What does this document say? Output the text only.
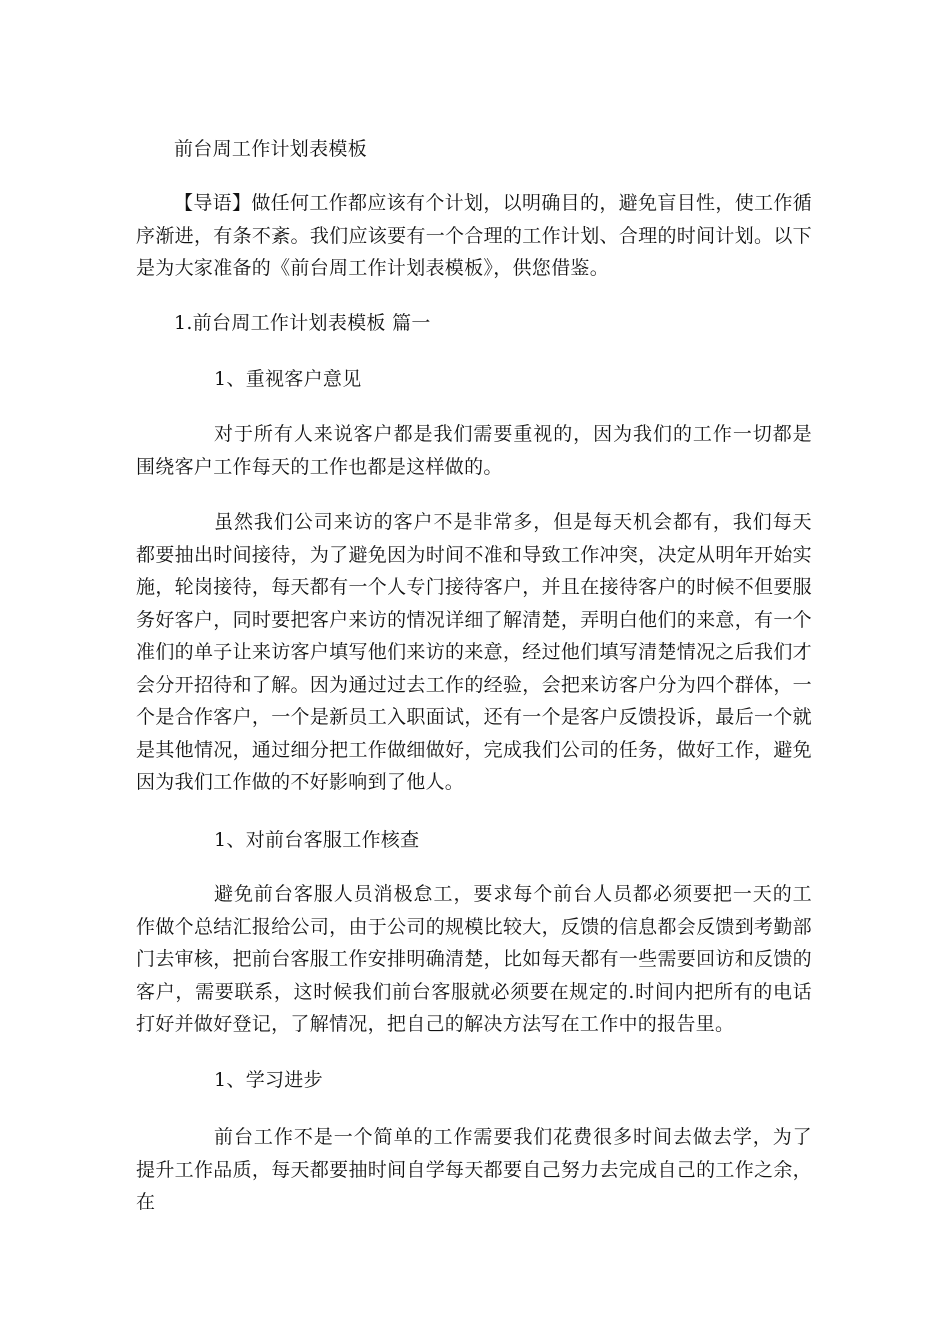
前台周工作计划表模板

【导语】做任何工作都应该有个计划，以明确目的，避免盲目性，使工作循序渐进，有条不紊。我们应该要有一个合理的工作计划、合理的时间计划。以下是为大家准备的《前台周工作计划表模板》，供您借鉴。

1.前台周工作计划表模板 篇一

1、重视客户意见

对于所有人来说客户都是我们需要重视的，因为我们的工作一切都是围绕客户工作每天的工作也都是这样做的。

虽然我们公司来访的客户不是非常多，但是每天机会都有，我们每天都要抽出时间接待，为了避免因为时间不准和导致工作冲突，决定从明年开始实施，轮岗接待，每天都有一个人专门接待客户，并且在接待客户的时候不但要服务好客户，同时要把客户来访的情况详细了解清楚，弄明白他们的来意，有一个准们的单子让来访客户填写他们来访的来意，经过他们填写清楚情况之后我们才会分开招待和了解。因为通过过去工作的经验，会把来访客户分为四个群体，一个是合作客户，一个是新员工入职面试，还有一个是客户反馈投诉，最后一个就是其他情况，通过细分把工作做细做好，完成我们公司的任务，做好工作，避免因为我们工作做的不好影响到了他人。

1、对前台客服工作核查

避免前台客服人员消极怠工，要求每个前台人员都必须要把一天的工作做个总结汇报给公司，由于公司的规模比较大，反馈的信息都会反馈到考勤部门去审核，把前台客服工作安排明确清楚，比如每天都有一些需要回访和反馈的客户，需要联系，这时候我们前台客服就必须要在规定的.时间内把所有的电话打好并做好登记，了解情况，把自己的解决方法写在工作中的报告里。

1、学习进步

前台工作不是一个简单的工作需要我们花费很多时间去做去学，为了提升工作品质，每天都要抽时间自学每天都要自己努力去完成自己的工作之余，在
